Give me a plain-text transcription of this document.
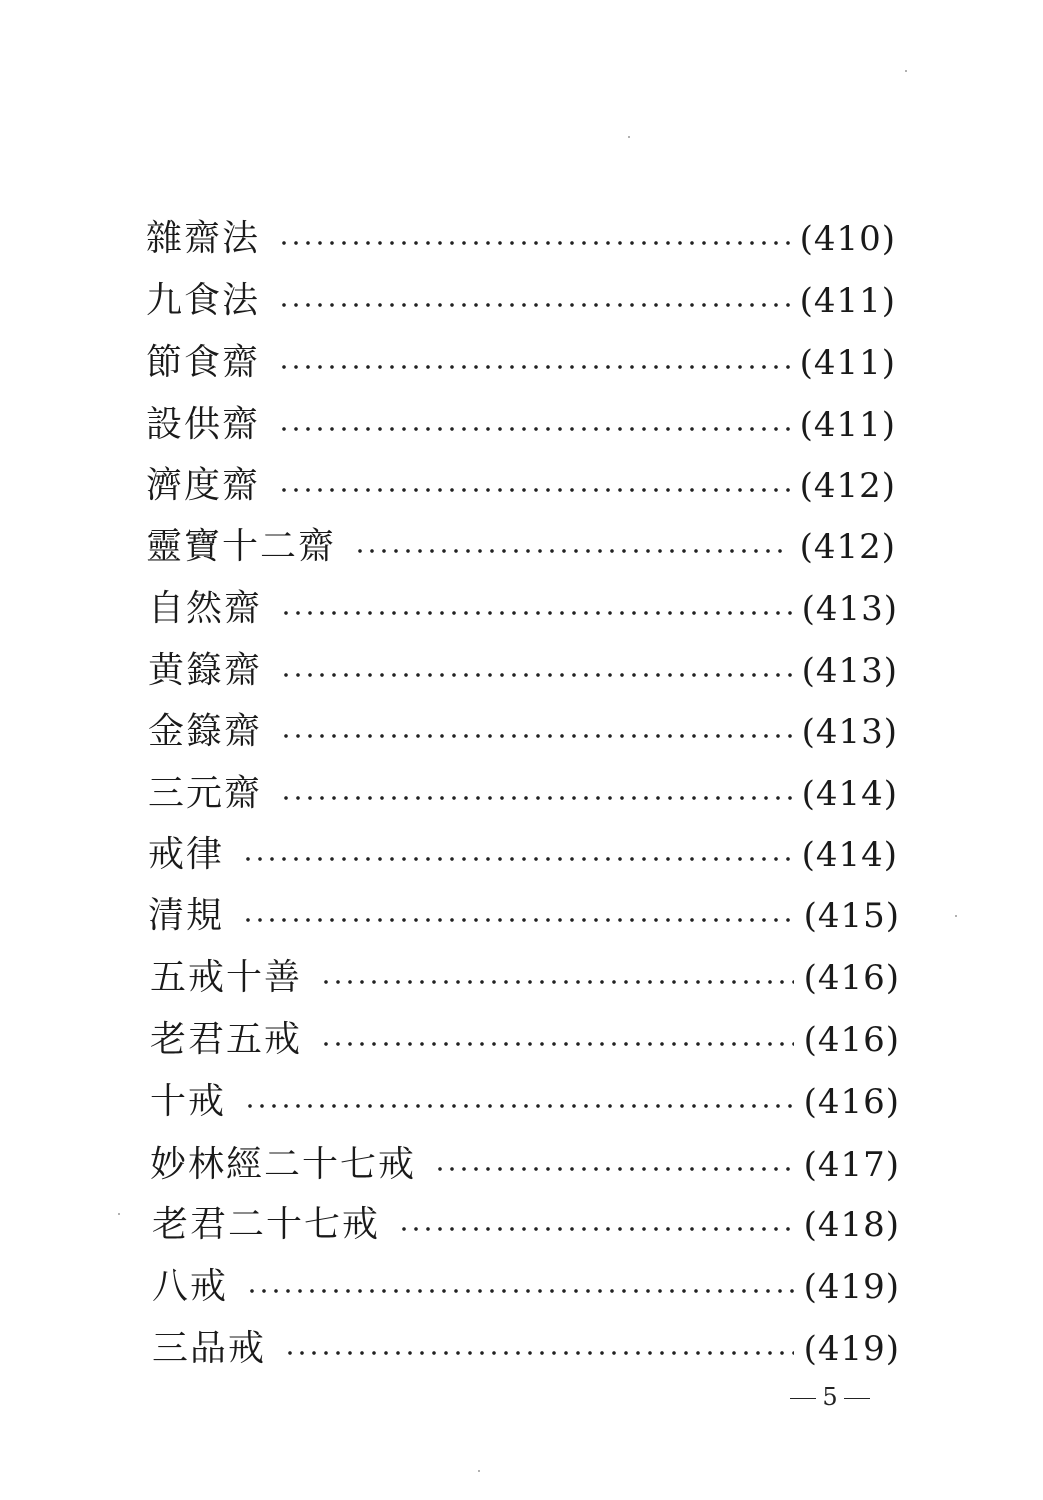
雜齋法	(410)
九食法	(411)
節食齋	(411)
設供齋	(411)
濟度齋	(412)
靈寶十二齋	(412)
自然齋	(413)
黄籙齋	(413)
金籙齋	(413)
三元齋	(414)
戒律	(414)
清規	(415)
五戒十善	(416)
老君五戒	(416)
十戒	(416)
妙林經二十七戒	(417)
老君二十七戒	(418)
八戒	(419)
三品戒	(419)
5
